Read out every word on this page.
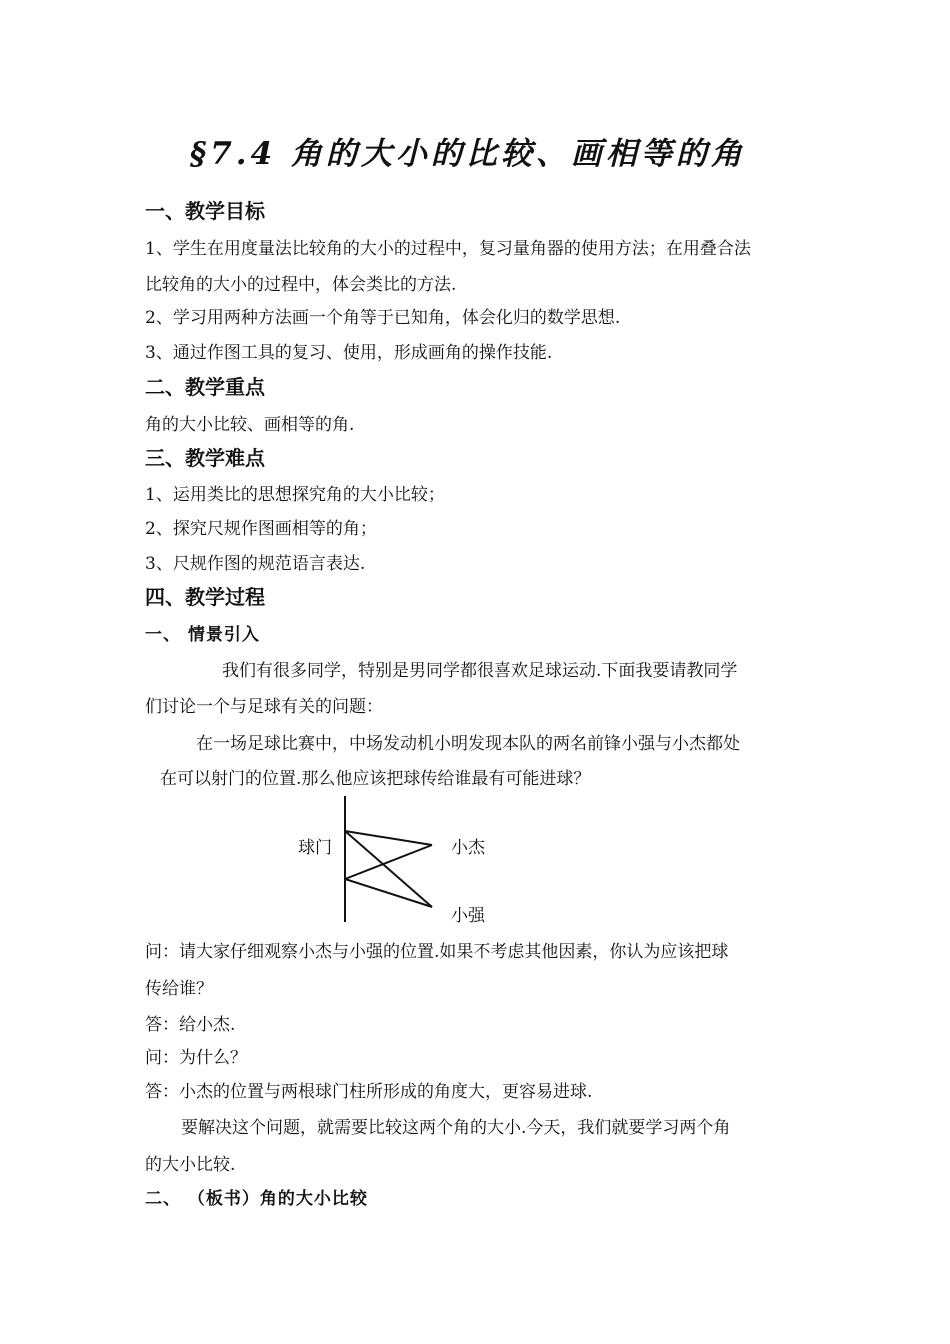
§7.4 角的大小的比较、画相等的角
一、教学目标
1、学生在用度量法比较角的大小的过程中，复习量角器的使用方法；在用叠合法
比较角的大小的过程中，体会类比的方法.
2、学习用两种方法画一个角等于已知角，体会化归的数学思想.
3、通过作图工具的复习、使用，形成画角的操作技能.
二、教学重点
角的大小比较、画相等的角.
三、教学难点
1、运用类比的思想探究角的大小比较；
2、探究尺规作图画相等的角；
3、尺规作图的规范语言表达.
四、教学过程
一、 情景引入
我们有很多同学，特别是男同学都很喜欢足球运动.下面我要请教同学
们讨论一个与足球有关的问题：
在一场足球比赛中，中场发动机小明发现本队的两名前锋小强与小杰都处
在可以射门的位置.那么他应该把球传给谁最有可能进球？
球门	小杰
小强
问：请大家仔细观察小杰与小强的位置.如果不考虑其他因素，你认为应该把球
传给谁？
答：给小杰.
问：为什么？
答：小杰的位置与两根球门柱所形成的角度大，更容易进球.
要解决这个问题，就需要比较这两个角的大小.今天，我们就要学习两个角
的大小比较.
二、 （板书）角的大小比较
